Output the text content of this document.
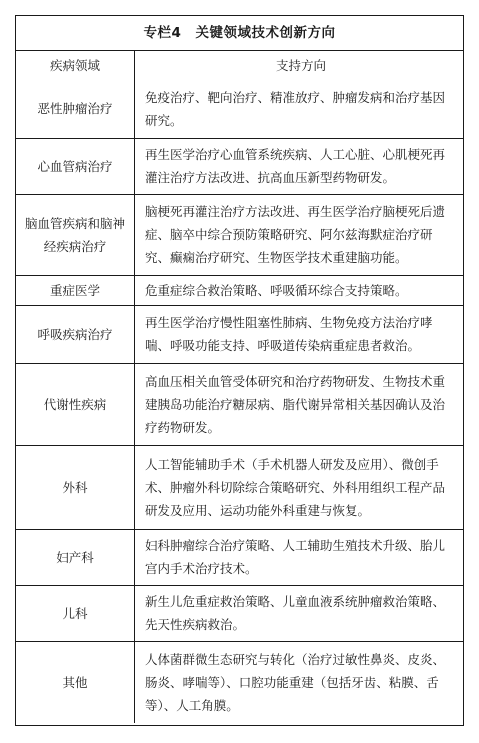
专栏4　关键领域技术创新方向
疾病领域	支持方向
恶性肿瘤治疗	免疫治疗、靶向治疗、精准放疗、肿瘤发病和治疗基因研究。
心血管病治疗	再生医学治疗心血管系统疾病、人工心脏、心肌梗死再灌注治疗方法改进、抗高血压新型药物研发。
脑血管疾病和脑神经疾病治疗	脑梗死再灌注治疗方法改进、再生医学治疗脑梗死后遗症、脑卒中综合预防策略研究、阿尔兹海默症治疗研究、癫痫治疗研究、生物医学技术重建脑功能。
重症医学	危重症综合救治策略、呼吸循环综合支持策略。
呼吸疾病治疗	再生医学治疗慢性阻塞性肺病、生物免疫方法治疗哮喘、呼吸功能支持、呼吸道传染病重症患者救治。
代谢性疾病	高血压相关血管受体研究和治疗药物研发、生物技术重建胰岛功能治疗糖尿病、脂代谢异常相关基因确认及治疗药物研发。
外科	人工智能辅助手术（手术机器人研发及应用）、微创手术、肿瘤外科切除综合策略研究、外科用组织工程产品研发及应用、运动功能外科重建与恢复。
妇产科	妇科肿瘤综合治疗策略、人工辅助生殖技术升级、胎儿宫内手术治疗技术。
儿科	新生儿危重症救治策略、儿童血液系统肿瘤救治策略、先天性疾病救治。
其他	人体菌群微生态研究与转化（治疗过敏性鼻炎、皮炎、肠炎、哮喘等）、口腔功能重建（包括牙齿、粘膜、舌等）、人工角膜。
